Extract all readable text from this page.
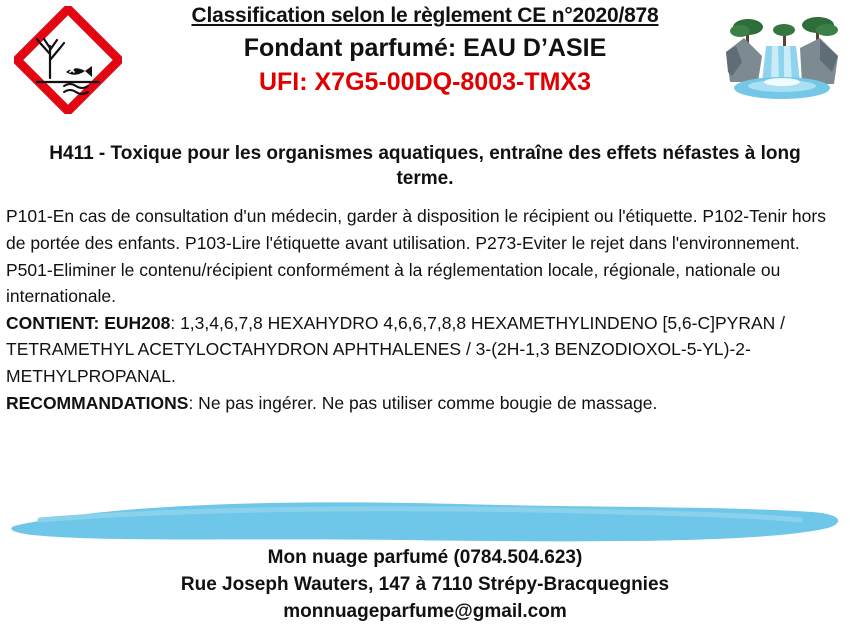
Classification selon le règlement CE n°2020/878
Fondant parfumé: EAU D’ASIE
UFI: X7G5-00DQ-8003-TMX3
H411 - Toxique pour les organismes aquatiques, entraîne des effets néfastes à long terme.

P101-En cas de consultation d'un médecin, garder à disposition le récipient ou l'étiquette. P102-Tenir hors de portée des enfants. P103-Lire l'étiquette avant utilisation. P273-Eviter le rejet dans l'environnement. P501-Eliminer le contenu/récipient conformément à la réglementation locale, régionale, nationale ou internationale.

CONTIENT: EUH208: 1,3,4,6,7,8 HEXAHYDRO 4,6,6,7,8,8 HEXAMETHYLINDENO [5,6-C]PYRAN / TETRAMETHYL ACETYLOCTAHYDRON APHTHALENES / 3-(2H-1,3 BENZODIOXOL-5-YL)-2-METHYLPROPANAL.

RECOMMANDATIONS: Ne pas ingérer. Ne pas utiliser comme bougie de massage.

Mon nuage parfumé (0784.504.623)
Rue Joseph Wauters, 147 à 7110 Strépy-Bracquegnies
monnuageparfume@gmail.com
